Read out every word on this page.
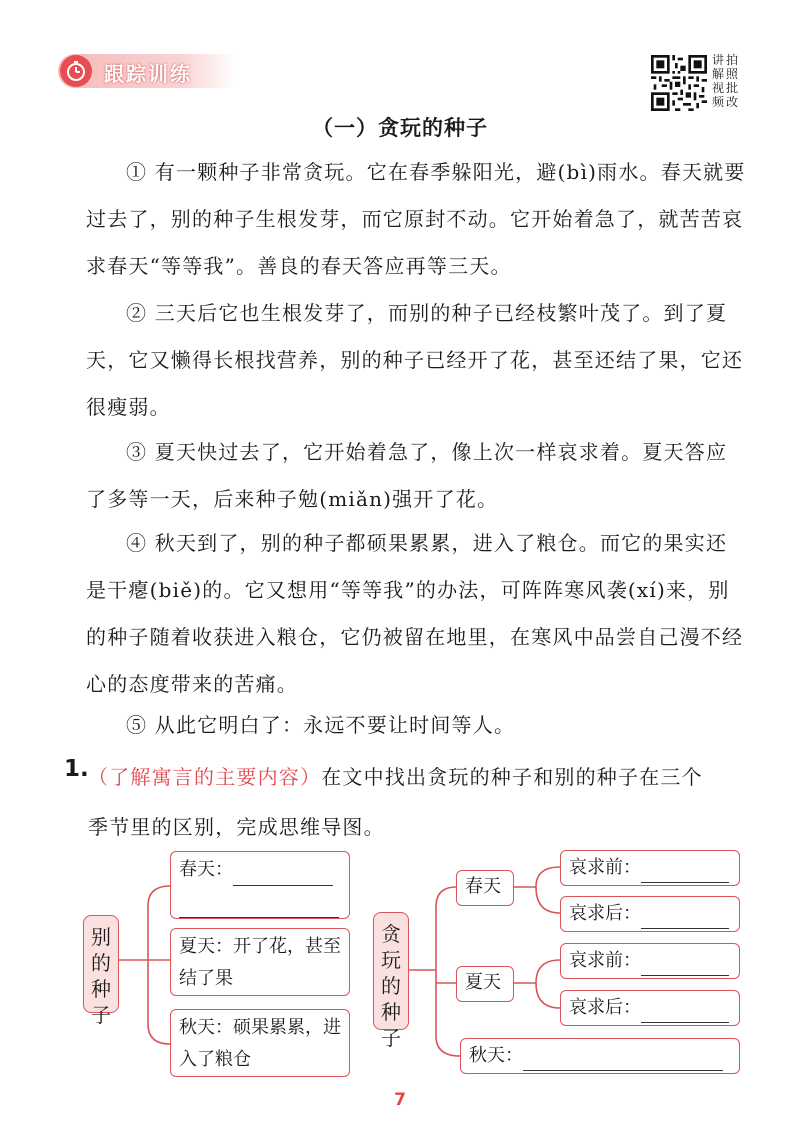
跟踪训练
讲 拍
解 照
视 批
频 改
（一）贪玩的种子

① 有一颗种子非常贪玩。它在春季躲阳光，避(bì)雨水。春天就要过去了，别的种子生根发芽，而它原封不动。它开始着急了，就苦苦哀求春天“等等我”。善良的春天答应再等三天。

② 三天后它也生根发芽了，而别的种子已经枝繁叶茂了。到了夏天，它又懒得长根找营养，别的种子已经开了花，甚至还结了果，它还很瘦弱。

③ 夏天快过去了，它开始着急了，像上次一样哀求着。夏天答应了多等一天，后来种子勉(miǎn)强开了花。

④ 秋天到了，别的种子都硕果累累，进入了粮仓。而它的果实还是干瘪(biě)的。它又想用“等等我”的办法，可阵阵寒风袭(xí)来，别的种子随着收获进入粮仓，它仍被留在地里，在寒风中品尝自己漫不经心的态度带来的苦痛。

⑤ 从此它明白了：永远不要让时间等人。

1. （了解寓言的主要内容）在文中找出贪玩的种子和别的种子在三个
季节里的区别，完成思维导图。
别的种子
春天：
夏天：开了花，甚至结了果
秋天：硕果累累，进入了粮仓
贪玩的种子
春天
夏天
哀求前：
哀求后：
哀求前：
哀求后：
秋天：
7
